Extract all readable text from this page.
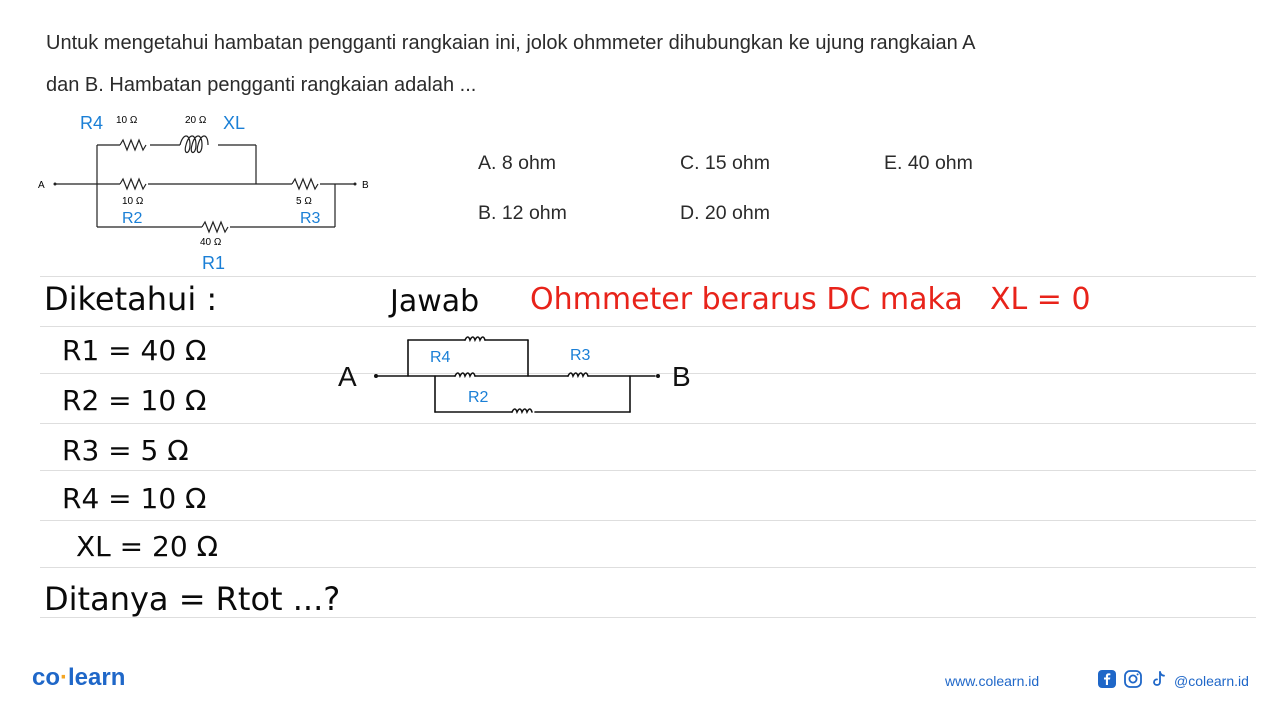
Untuk mengetahui hambatan pengganti rangkaian ini, jolok ohmmeter dihubungkan ke ujung rangkaian A
dan B. Hambatan pengganti rangkaian adalah ...
A	B
10 Ω	20 Ω
10 Ω	5 Ω
40 Ω
R4	XL
R2	R3
R1
A. 8 ohm	C. 15 ohm	E. 40 ohm
B. 12 ohm	D. 20 ohm
Diketahui :
R1 = 40 Ω
R2 = 10 Ω
R3 = 5 Ω
R4 = 10 Ω
XL = 20 Ω
Ditanya = Rtot ...?
Jawab Ohmmeter berarus DC maka XL = 0
A	B
R4	R3
R2
co·learn	www.colearn.id	@colearn.id
